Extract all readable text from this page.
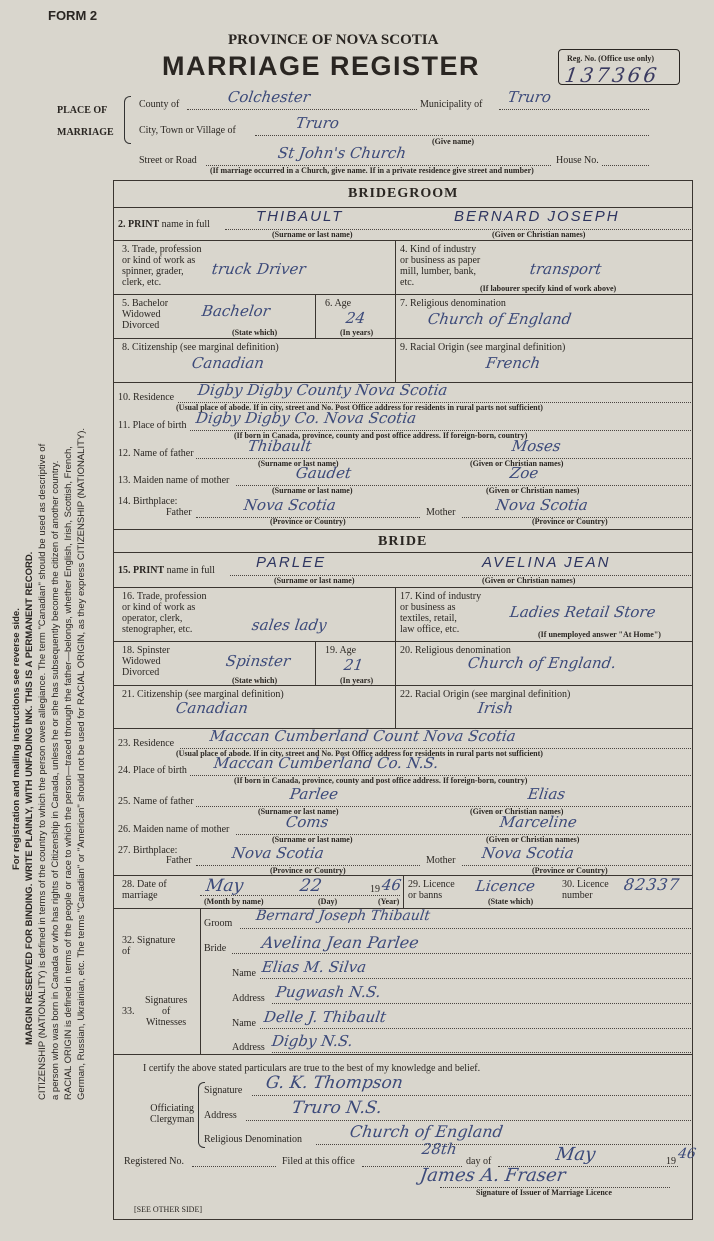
FORM 2
PROVINCE OF NOVA SCOTIA
MARRIAGE REGISTER	Reg. No. (Office use only)
137366
PLACE OF
MARRIAGE
County of	Colchester	Municipality of Truro
City, Town or Village of	Truro
(Give name)
Street or Road	St John's Church	House No.
(If marriage occurred in a Church, give name. If in a private residence give street and number)
For registration and mailing instructions see reverse side. MARGIN RESERVED FOR BINDING. WRITE PLAINLY, WITH UNFADING INK. THIS IS A PERMANENT RECORD. CITIZENSHIP (NATIONALITY) is defined in terms of the country to which the person owes allegiance. The term "Canadian" should be used as descriptive of a person who was born in Canada or who has rights of Citizenship in Canada, unless he or she has subsequently become the citizen of another country. RACIAL ORIGIN is defined in terms of the people or race to which the person—traced through the father—belongs, whether English, Irish, Scottish, French, German, Russian, Ukrainian, etc. The terms "Canadian" or "American" should not be used for RACIAL ORIGIN, as they express CITIZENSHIP (NATIONALITY).
BRIDEGROOM
2. PRINT name in full	THIBAULT	BERNARD JOSEPH
(Surname or last name)	(Given or Christian names)
3. Trade, profession
or kind of work as
spinner, grader,
clerk, etc.
truck Driver
4. Kind of industry
or business as paper
mill, lumber, bank,
etc.
transport
(If labourer specify kind of work above)
5. Bachelor
Widowed
Divorced
Bachelor
(State which)
6. Age
24
(In years)
7. Religious denomination
Church of England
8. Citizenship (see marginal definition)
Canadian
9. Racial Origin (see marginal definition)
French
10. Residence Digby Digby County Nova Scotia
(Usual place of abode. If in city, street and No. Post Office address for residents in rural parts not sufficient)
11. Place of birth Digby Digby Co. Nova Scotia
(If born in Canada, province, county and post office address. If foreign-born, country)
12. Name of father	Thibault	Moses
(Surname or last name)	(Given or Christian names)
13. Maiden name of mother	Gaudet	Zoe
(Surname or last name)	(Given or Christian names)
14. Birthplace:
Father	Nova Scotia	Mother	Nova Scotia
(Province or Country)	(Province or Country)
BRIDE
15. PRINT name in full	PARLEE	AVELINA JEAN
(Surname or last name)	(Given or Christian names)
16. Trade, profession
or kind of work as
operator, clerk,
stenographer, etc.	sales lady
17. Kind of industry
or business as
textiles, retail,
law office, etc.
Ladies Retail Store
(If unemployed answer "At Home")
18. Spinster
Widowed
Divorced
Spinster
(State which)
19. Age
21
(In years)
20. Religious denomination
Church of England.
21. Citizenship (see marginal definition)
Canadian
22. Racial Origin (see marginal definition)
Irish
23. Residence Maccan Cumberland Count Nova Scotia
(Usual place of abode. If in city, street and No. Post Office address for residents in rural parts not sufficient)
24. Place of birth Maccan Cumberland Co. N.S.
(If born in Canada, province, county and post office address. If foreign-born, country)
25. Name of father	Parlee	Elias
(Surname or last name)	(Given or Christian names)
26. Maiden name of mother	Coms	Marceline
(Surname or last name)	(Given or Christian names)
27. Birthplace:
Father	Nova Scotia	Mother Nova Scotia
(Province or Country)	(Province or Country)
28. Date of
marriage	May	22	19 46
(Month by name)	(Day)	(Year)
29. Licence
or banns
Licence
(State which)
30. Licence
number
82337
32. Signature
of
Groom Bernard Joseph Thibault
Bride Avelina Jean Parlee
33.
Signatures
of
Witnesses
Name Elias M. Silva
Address Pugwash N.S.
Name Delle J. Thibault
Address Digby N.S.
I certify the above stated particulars are true to the best of my knowledge and belief.
Officiating
Clergyman
Signature G. K. Thompson
Address	Truro N.S.
Religious Denomination	Church of England
Registered No.	Filed at this office
28th
day of	May	19 46
James A. Fraser
Signature of Issuer of Marriage Licence
[SEE OTHER SIDE]
